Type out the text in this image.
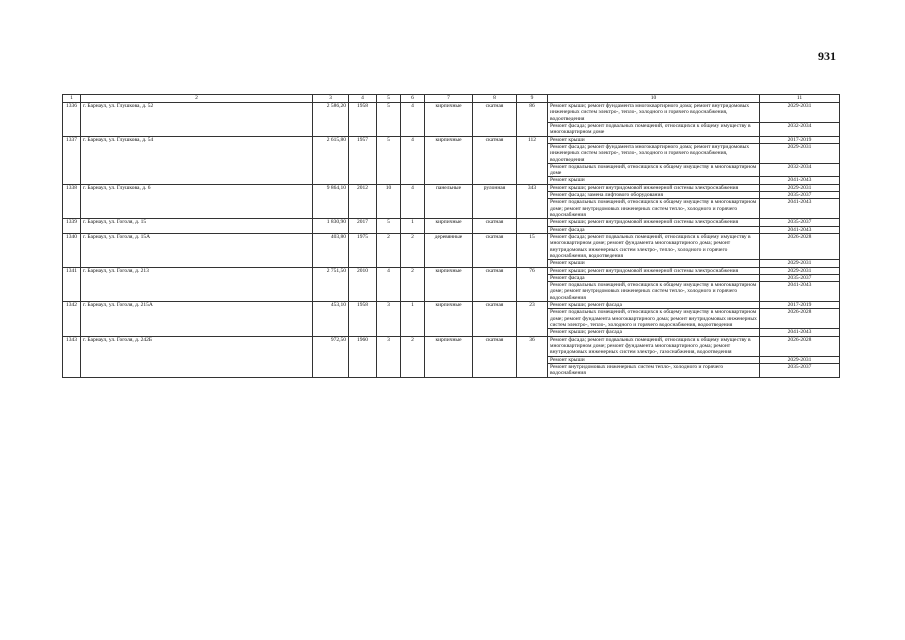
931
1	2	3	4	5	6	7	8	9	10	11
1336	г. Барнаул, ул. Глушкова, д. 52	2 586,20	1958	5	4	кирпичные	скатная	86	Ремонт крыши; ремонт фундамента многоквартирного дома; ремонт внутридомовых инженерных систем электро-, тепло-, холодного и горячего водоснабжения, водоотведения	2029-2031
									Ремонт фасада; ремонт подвальных помещений, относящихся к общему имуществу в многоквартирном доме	2032-2034
1337	г. Барнаул, ул. Глушкова, д. 54	2 615,80	1957	5	4	кирпичные	скатная	112	Ремонт крыши	2017-2019
									Ремонт фасада; ремонт фундамента многоквартирного дома; ремонт внутридомовых инженерных систем электро-, тепло-, холодного и горячего водоснабжения, водоотведения	2029-2031
									Ремонт подвальных помещений, относящихся к общему имуществу в многоквартирном доме	2032-2034
									Ремонт крыши	2041-2043
1338	г. Барнаул, ул. Глушкова, д. 6	9 864,10	2012	10	4	панельные	рулонная	343	Ремонт крыши; ремонт внутридомовой инженерной системы электроснабжения	2029-2031
									Ремонт фасада; замена лифтового оборудования	2035-2037
									Ремонт подвальных помещений, относящихся к общему имуществу в многоквартирном доме; ремонт внутридомовых инженерных систем тепло-, холодного и горячего водоснабжения	2041-2043
1339	г. Барнаул, ул. Гоголя, д. 15	1 830,90	2017	5	1	кирпичные	скатная		Ремонт крыши; ремонт внутридомовой инженерной системы электроснабжения	2035-2037
									Ремонт фасада	2041-2043
1340	г. Барнаул, ул. Гоголя, д. 15А	403,80	1975	2	2	деревянные	скатная	15	Ремонт фасада; ремонт подвальных помещений, относящихся к общему имуществу в многоквартирном доме; ремонт фундамента многоквартирного дома; ремонт внутридомовых инженерных систем электро-, тепло-, холодного и горячего водоснабжения, водоотведения	2026-2028
									Ремонт крыши	2029-2031
1341	г. Барнаул, ул. Гоголя, д. 213	2 751,50	2010	4	2	кирпичные	скатная	76	Ремонт крыши; ремонт внутридомовой инженерной системы электроснабжения	2029-2031
									Ремонт фасада	2035-2037
									Ремонт подвальных помещений, относящихся к общему имуществу в многоквартирном доме; ремонт внутридомовых инженерных систем тепло-, холодного и горячего водоснабжения	2041-2043
1342	г. Барнаул, ул. Гоголя, д. 215А	453,10	1958	3	1	кирпичные	скатная	23	Ремонт крыши; ремонт фасада	2017-2019
									Ремонт подвальных помещений, относящихся к общему имуществу в многоквартирном доме; ремонт фундамента многоквартирного дома; ремонт внутридомовых инженерных систем электро-, тепло-, холодного и горячего водоснабжения, водоотведения	2026-2028
									Ремонт крыши; ремонт фасада	2041-2043
1343	г. Барнаул, ул. Гоголя, д. 242Б	972,50	1960	3	2	кирпичные	скатная	36	Ремонт фасада; ремонт подвальных помещений, относящихся к общему имуществу в многоквартирном доме; ремонт фундамента многоквартирного дома; ремонт внутридомовых инженерных систем электро-, газоснабжения, водоотведения	2026-2028
									Ремонт крыши	2029-2031
									Ремонт внутридомовых инженерных систем тепло-, холодного и горячего водоснабжения	2035-2037
